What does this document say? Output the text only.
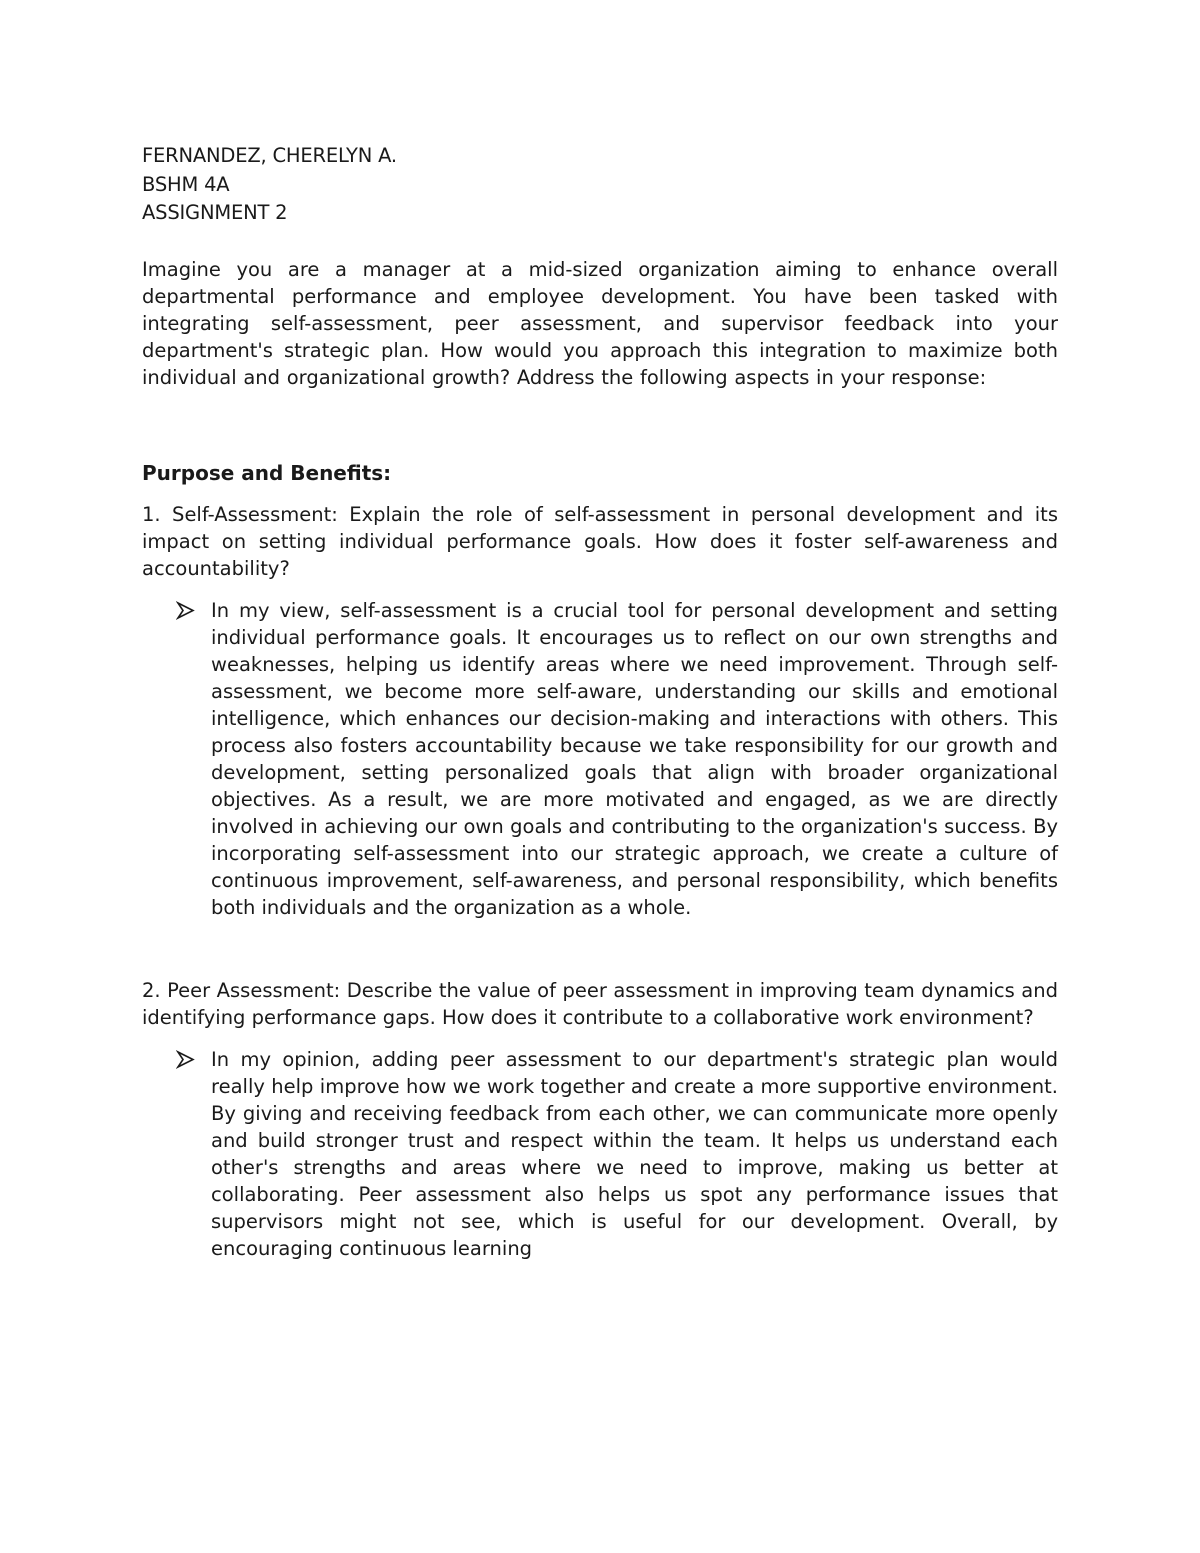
FERNANDEZ, CHERELYN A.

BSHM 4A

ASSIGNMENT 2

Imagine you are a manager at a mid-sized organization aiming to enhance overall departmental performance and employee development. You have been tasked with integrating self-assessment, peer assessment, and supervisor feedback into your department's strategic plan. How would you approach this integration to maximize both individual and organizational growth? Address the following aspects in your response:

Purpose and Benefits:

1. Self-Assessment: Explain the role of self-assessment in personal development and its impact on setting individual performance goals. How does it foster self-awareness and accountability?

In my view, self-assessment is a crucial tool for personal development and setting individual performance goals. It encourages us to reflect on our own strengths and weaknesses, helping us identify areas where we need improvement. Through self-assessment, we become more self-aware, understanding our skills and emotional intelligence, which enhances our decision-making and interactions with others. This process also fosters accountability because we take responsibility for our growth and development, setting personalized goals that align with broader organizational objectives. As a result, we are more motivated and engaged, as we are directly involved in achieving our own goals and contributing to the organization's success. By incorporating self-assessment into our strategic approach, we create a culture of continuous improvement, self-awareness, and personal responsibility, which benefits both individuals and the organization as a whole.

2. Peer Assessment: Describe the value of peer assessment in improving team dynamics and identifying performance gaps. How does it contribute to a collaborative work environment?

In my opinion, adding peer assessment to our department's strategic plan would really help improve how we work together and create a more supportive environment. By giving and receiving feedback from each other, we can communicate more openly and build stronger trust and respect within the team. It helps us understand each other's strengths and areas where we need to improve, making us better at collaborating. Peer assessment also helps us spot any performance issues that supervisors might not see, which is useful for our development. Overall, by encouraging continuous learning
